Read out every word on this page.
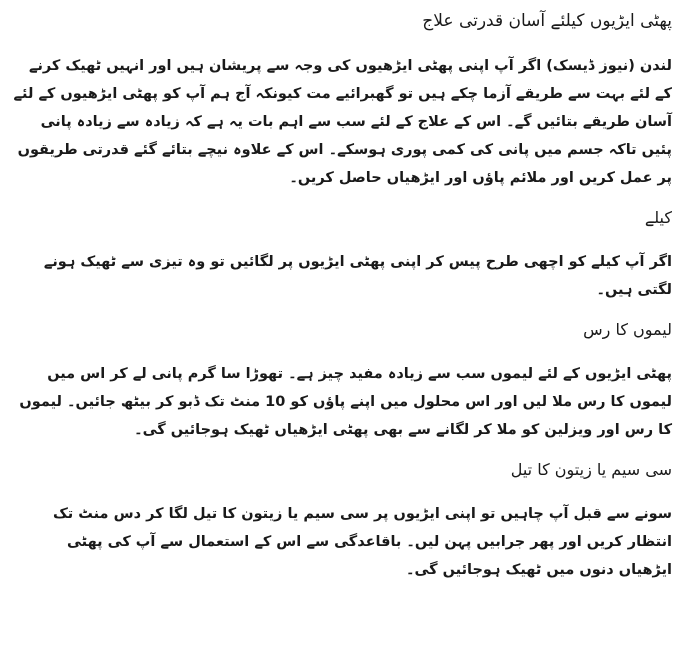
پھٹی ایڑیوں کیلئے آسان قدرتی علاج

لندن (نیوز ڈیسک) اگر آپ اپنی پھٹی ایڑھیوں کی وجہ سے پریشان ہیں اور انہیں ٹھیک کرنے کے لئے بہت سے طریقے آزما چکے ہیں تو گھبرائیے مت کیونکہ آج ہم آپ کو پھٹی ایڑھیوں کے لئے آسان طریقے بتائیں گے۔ اس کے علاج کے لئے سب سے اہم بات یہ ہے کہ زیادہ سے زیادہ پانی پئیں تاکہ جسم میں پانی کی کمی پوری ہوسکے۔ اس کے علاوہ نیچے بتائے گئے قدرتی طریقوں پر عمل کریں اور ملائم پاؤں اور ایڑھیاں حاصل کریں۔

کیلے

اگر آپ کیلے کو اچھی طرح پیس کر اپنی پھٹی ایڑیوں پر لگائیں تو وہ تیزی سے ٹھیک ہونے لگتی ہیں۔

لیموں کا رس

پھٹی ایڑیوں کے لئے لیموں سب سے زیادہ مفید چیز ہے۔ تھوڑا سا گرم پانی لے کر اس میں لیموں کا رس ملا لیں اور اس محلول میں اپنے پاؤں کو 10 منٹ تک ڈبو کر بیٹھ جائیں۔ لیموں کا رس اور ویزلین کو ملا کر لگانے سے بھی پھٹی ایڑھیاں ٹھیک ہوجائیں گی۔

سی سیم یا زیتون کا تیل

سونے سے قبل آپ چاہیں تو اپنی ایڑیوں پر سی سیم یا زیتون کا تیل لگا کر دس منٹ تک انتظار کریں اور پھر جرابیں پہن لیں۔ باقاعدگی سے اس کے استعمال سے آپ کی پھٹی ایڑھیاں دنوں میں ٹھیک ہوجائیں گی۔
